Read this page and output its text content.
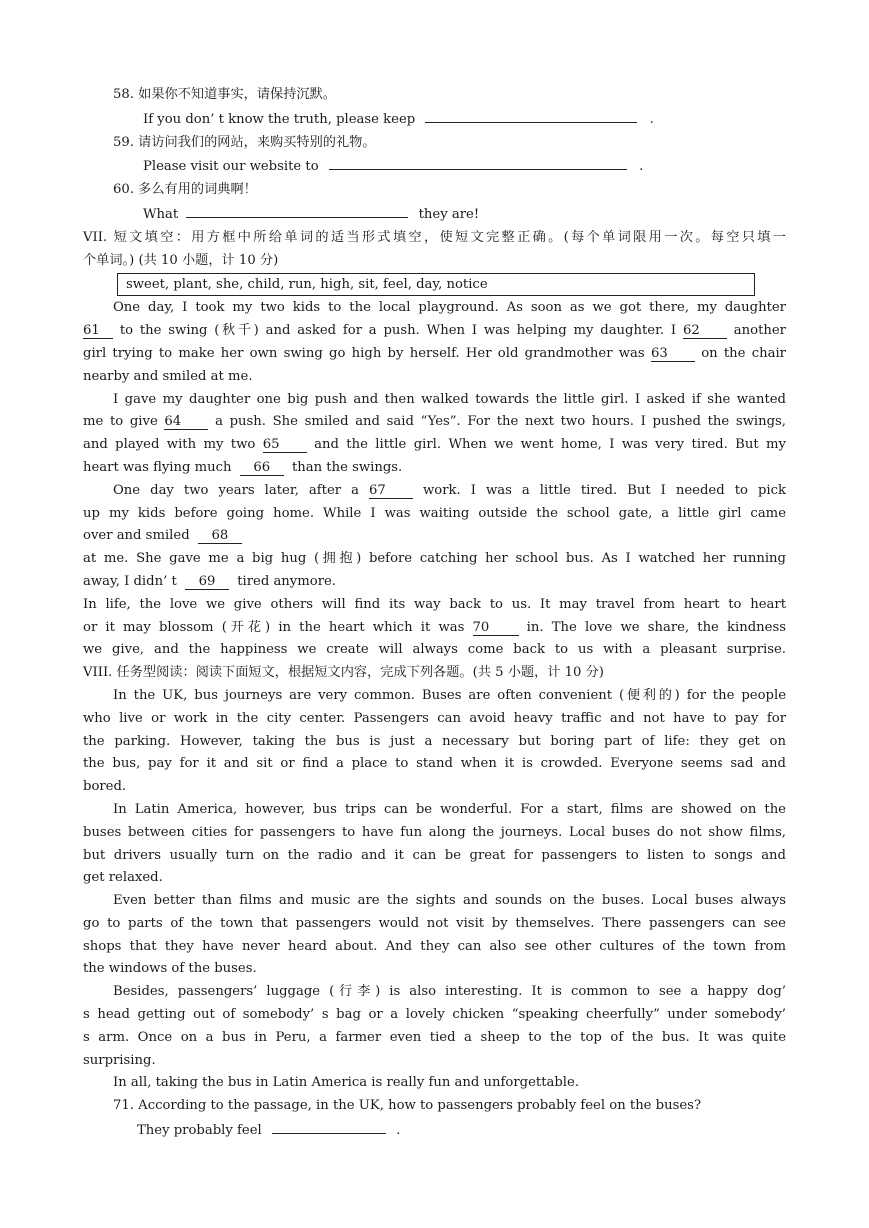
58. 如果你不知道事实，请保持沉默。
If you don’ t know the truth, please keep	.
59. 请访问我们的网站，来购买特别的礼物。
Please visit our website to	.
60. 多么有用的词典啊！
What	they are!
VII. 短文填空：用方框中所给单词的适当形式填空，使短文完整正确。(每个单词限用一次。每空只填一
个单词。) (共 10 小题，计 10 分)
sweet, plant, she, child, run, high, sit, feel, day, notice
One day, I took my two kids to the local playground. As soon as we got there, my daughter
61 to the swing (秋千) and asked for a push. When I was helping my daughter. I 62	another
girl trying to make her own swing go high by herself. Her old grandmother was 63	on the chair
nearby and smiled at me.
I gave my daughter one big push and then walked towards the little girl. I asked if she wanted
me to give 64	a push. She smiled and said “Yes”. For the next two hours. I pushed the swings,
and played with my two 65	and the little girl. When we went home, I was very tired. But my
heart was flying much 66 than the swings.
One day two years later, after a 67	work. I was a little tired. But I needed to pick
up my kids before going home. While I was waiting outside the school gate, a little girl came
over and smiled 68
at me. She gave me a big hug (拥抱) before catching her school bus. As I watched her running
away, I didn’ t 69 tired anymore.
In life, the love we give others will find its way back to us. It may travel from heart to heart
or it may blossom (开花) in the heart which it was 70	in. The love we share, the kindness
we give, and the happiness we create will always come back to us with a pleasant surprise.
VIII. 任务型阅读：阅读下面短文，根据短文内容，完成下列各题。(共 5 小题，计 10 分)
In the UK, bus journeys are very common. Buses are often convenient (便利的) for the people
who live or work in the city center. Passengers can avoid heavy traffic and not have to pay for
the parking. However, taking the bus is just a necessary but boring part of life: they get on
the bus, pay for it and sit or find a place to stand when it is crowded. Everyone seems sad and
bored.
In Latin America, however, bus trips can be wonderful. For a start, films are showed on the
buses between cities for passengers to have fun along the journeys. Local buses do not show films,
but drivers usually turn on the radio and it can be great for passengers to listen to songs and
get relaxed.
Even better than films and music are the sights and sounds on the buses. Local buses always
go to parts of the town that passengers would not visit by themselves. There passengers can see
shops that they have never heard about. And they can also see other cultures of the town from
the windows of the buses.
Besides, passengers’ luggage (行李) is also interesting. It is common to see a happy dog’
s head getting out of somebody’ s bag or a lovely chicken “speaking cheerfully” under somebody’
s arm. Once on a bus in Peru, a farmer even tied a sheep to the top of the bus. It was quite
surprising.
In all, taking the bus in Latin America is really fun and unforgettable.
71. According to the passage, in the UK, how to passengers probably feel on the buses?
They probably feel	.
